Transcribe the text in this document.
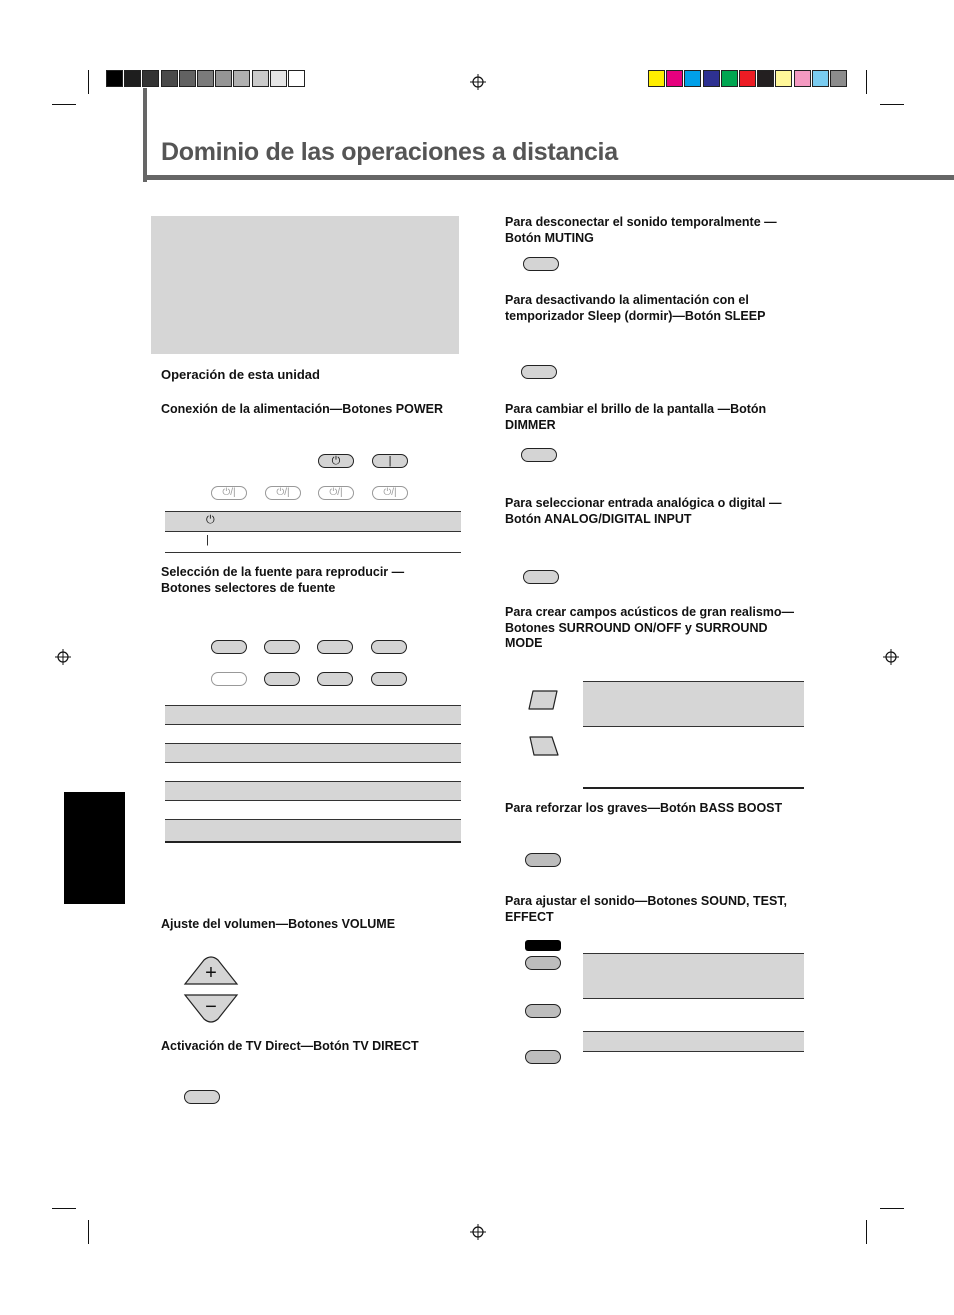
Dominio de las operaciones a distancia
Operación de esta unidad
Conexión de la alimentación—Botones POWER
⏻	|
⏻/|	⏻/|	⏻/|	⏻/|
⏻
|
Selección de la fuente para reproducir —Botones selectores de fuente
Ajuste del volumen—Botones VOLUME
+
−
Activación de TV Direct—Botón TV DIRECT
Para desconectar el sonido temporalmente —Botón MUTING
Para desactivando la alimentación con el temporizador Sleep (dormir)—Botón SLEEP
Para cambiar el brillo de la pantalla —Botón DIMMER
Para seleccionar entrada analógica o digital —Botón ANALOG/DIGITAL INPUT
Para crear campos acústicos de gran realismo—Botones SURROUND ON/OFF y SURROUND MODE
Para reforzar los graves—Botón BASS BOOST
Para ajustar el sonido—Botones SOUND, TEST, EFFECT
